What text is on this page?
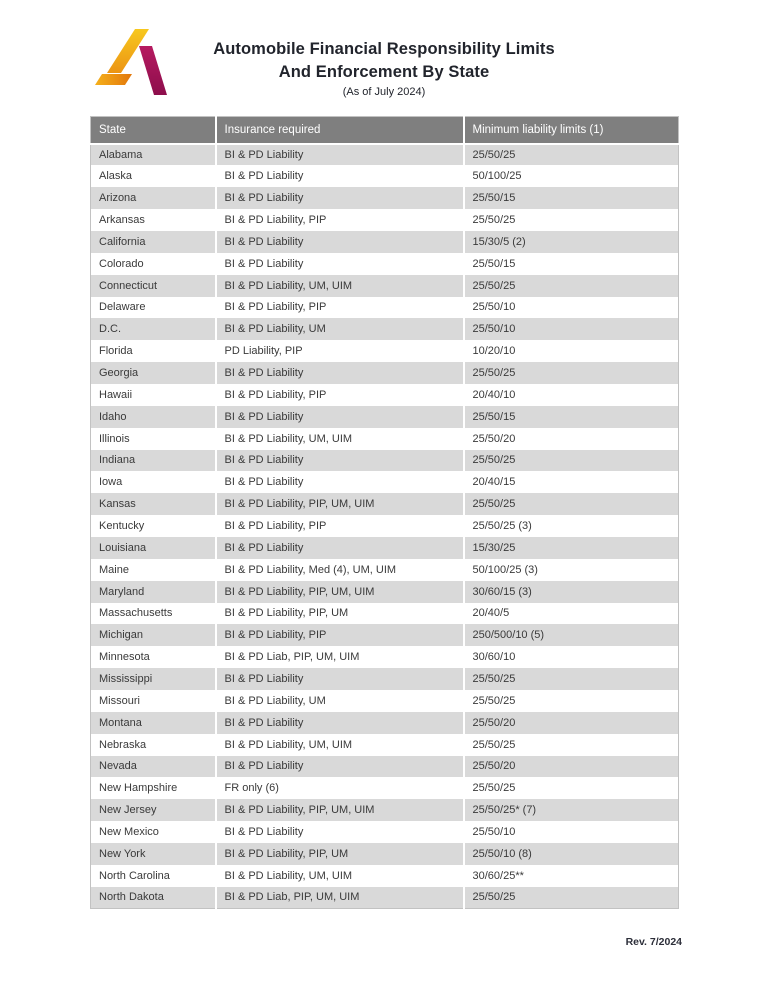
Automobile Financial Responsibility Limits
And Enforcement By State
(As of July 2024)
State	Insurance required	Minimum liability limits (1)
Alabama	BI & PD Liability	25/50/25
Alaska	BI & PD Liability	50/100/25
Arizona	BI & PD Liability	25/50/15
Arkansas	BI & PD Liability, PIP	25/50/25
California	BI & PD Liability	15/30/5 (2)
Colorado	BI & PD Liability	25/50/15
Connecticut	BI & PD Liability, UM, UIM	25/50/25
Delaware	BI & PD Liability, PIP	25/50/10
D.C.	BI & PD Liability, UM	25/50/10
Florida	PD Liability, PIP	10/20/10
Georgia	BI & PD Liability	25/50/25
Hawaii	BI & PD Liability, PIP	20/40/10
Idaho	BI & PD Liability	25/50/15
Illinois	BI & PD Liability, UM, UIM	25/50/20
Indiana	BI & PD Liability	25/50/25
Iowa	BI & PD Liability	20/40/15
Kansas	BI & PD Liability, PIP, UM, UIM	25/50/25
Kentucky	BI & PD Liability, PIP	25/50/25 (3)
Louisiana	BI & PD Liability	15/30/25
Maine	BI & PD Liability, Med (4), UM, UIM	50/100/25 (3)
Maryland	BI & PD Liability, PIP, UM, UIM	30/60/15 (3)
Massachusetts	BI & PD Liability, PIP, UM	20/40/5
Michigan	BI & PD Liability, PIP	250/500/10 (5)
Minnesota	BI & PD Liab, PIP, UM, UIM	30/60/10
Mississippi	BI & PD Liability	25/50/25
Missouri	BI & PD Liability, UM	25/50/25
Montana	BI & PD Liability	25/50/20
Nebraska	BI & PD Liability, UM, UIM	25/50/25
Nevada	BI & PD Liability	25/50/20
New Hampshire	FR only (6)	25/50/25
New Jersey	BI & PD Liability, PIP, UM, UIM	25/50/25* (7)
New Mexico	BI & PD Liability	25/50/10
New York	BI & PD Liability, PIP, UM	25/50/10 (8)
North Carolina	BI & PD Liability, UM, UIM	30/60/25**
North Dakota	BI & PD Liab, PIP, UM, UIM	25/50/25
Rev. 7/2024
